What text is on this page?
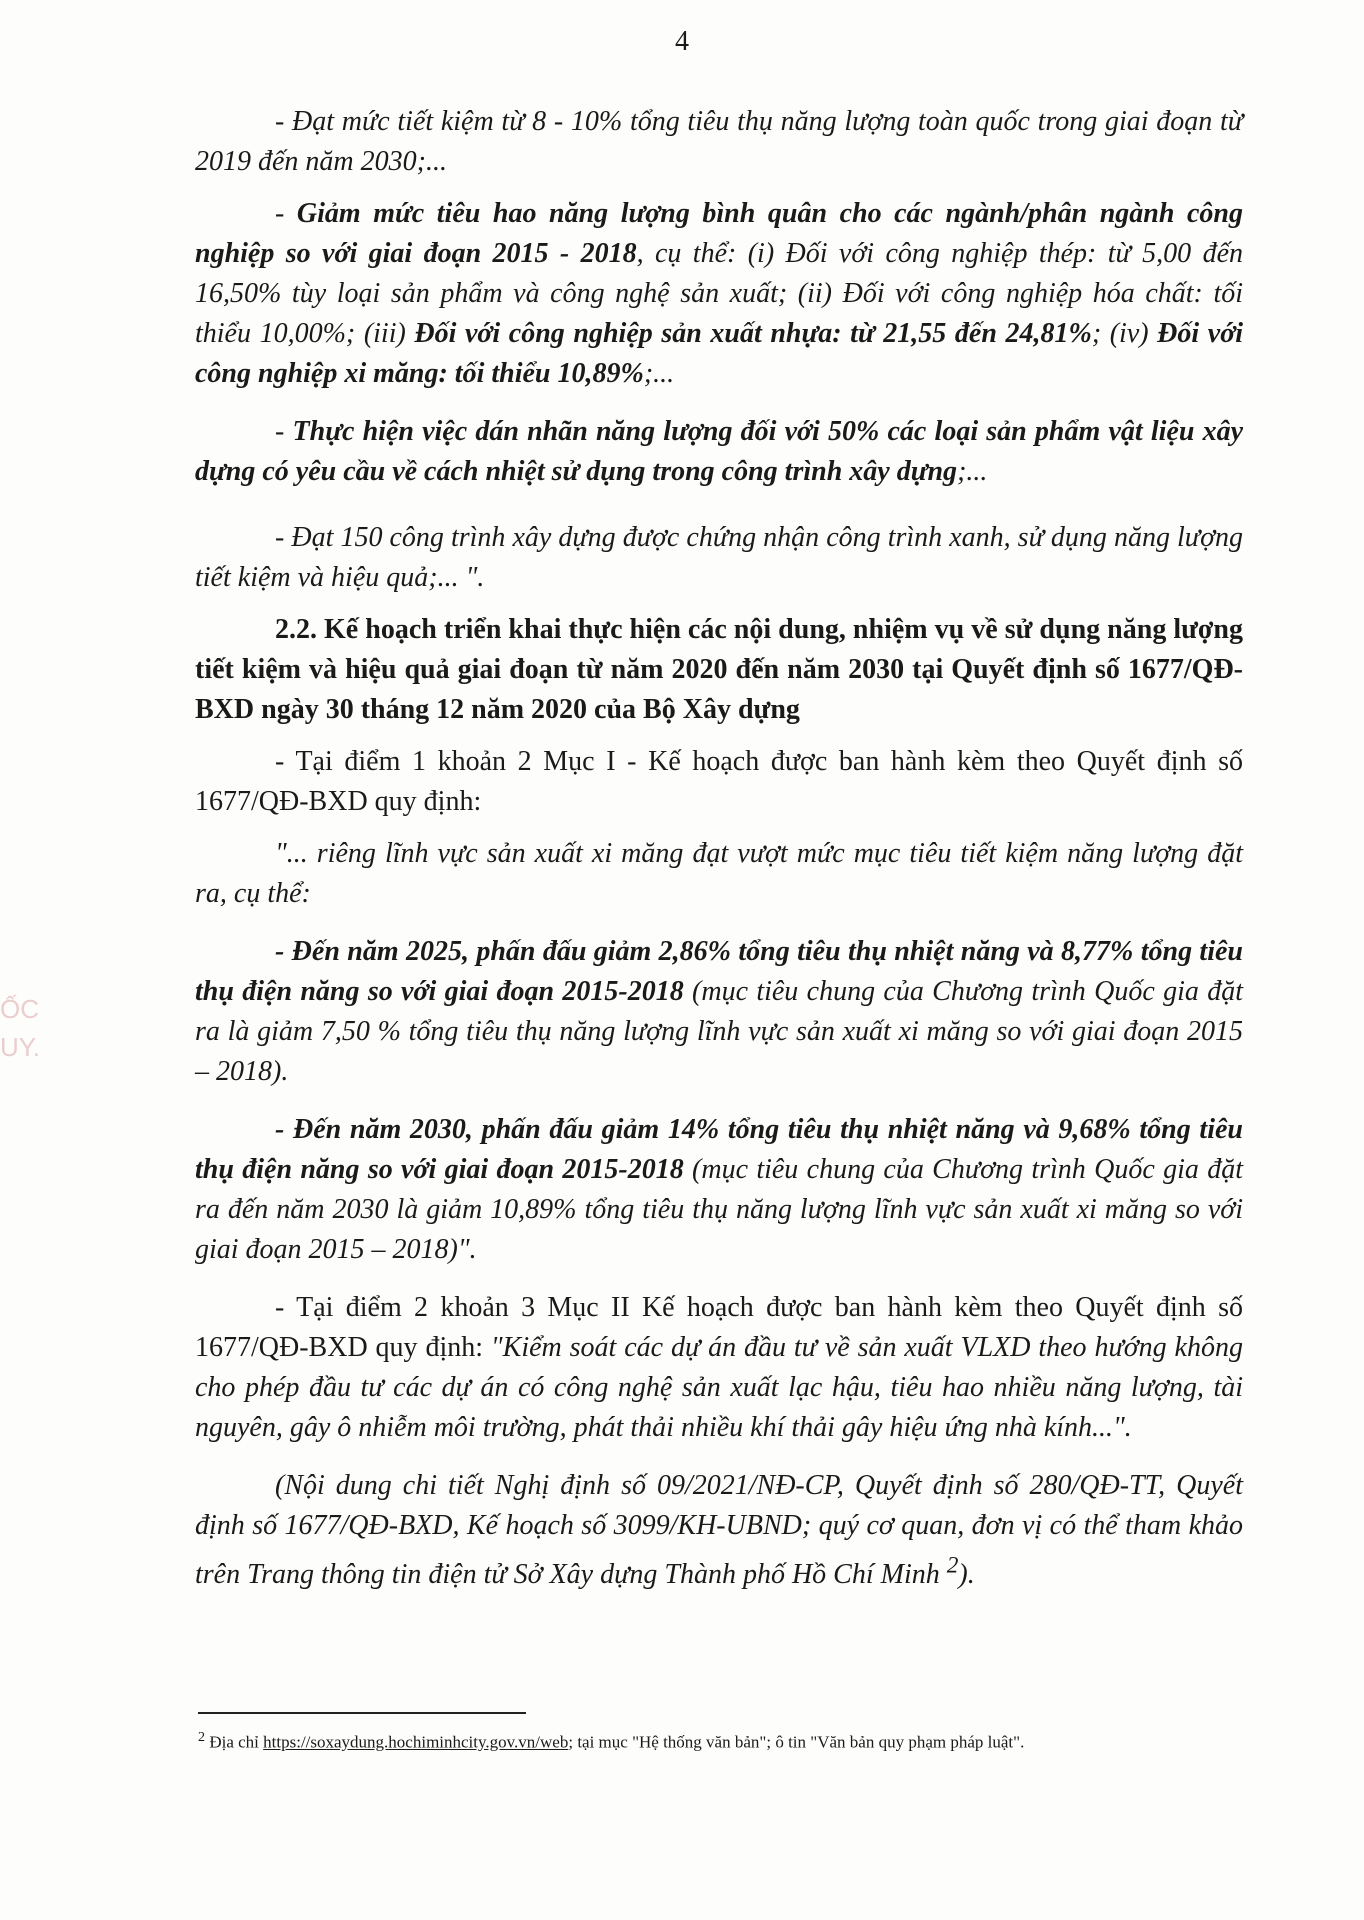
4
ỐC
UY.

- Đạt mức tiết kiệm từ 8 - 10% tổng tiêu thụ năng lượng toàn quốc trong giai đoạn từ 2019 đến năm 2030;...

- Giảm mức tiêu hao năng lượng bình quân cho các ngành/phân ngành công nghiệp so với giai đoạn 2015 - 2018, cụ thể: (i) Đối với công nghiệp thép: từ 5,00 đến 16,50% tùy loại sản phẩm và công nghệ sản xuất; (ii) Đối với công nghiệp hóa chất: tối thiểu 10,00%; (iii) Đối với công nghiệp sản xuất nhựa: từ 21,55 đến 24,81%; (iv) Đối với công nghiệp xi măng: tối thiểu 10,89%;...

- Thực hiện việc dán nhãn năng lượng đối với 50% các loại sản phẩm vật liệu xây dựng có yêu cầu về cách nhiệt sử dụng trong công trình xây dựng;...

- Đạt 150 công trình xây dựng được chứng nhận công trình xanh, sử dụng năng lượng tiết kiệm và hiệu quả;... ".

2.2. Kế hoạch triển khai thực hiện các nội dung, nhiệm vụ về sử dụng năng lượng tiết kiệm và hiệu quả giai đoạn từ năm 2020 đến năm 2030 tại Quyết định số 1677/QĐ-BXD ngày 30 tháng 12 năm 2020 của Bộ Xây dựng

- Tại điểm 1 khoản 2 Mục I - Kế hoạch được ban hành kèm theo Quyết định số 1677/QĐ-BXD quy định:

"... riêng lĩnh vực sản xuất xi măng đạt vượt mức mục tiêu tiết kiệm năng lượng đặt ra, cụ thể:

- Đến năm 2025, phấn đấu giảm 2,86% tổng tiêu thụ nhiệt năng và 8,77% tổng tiêu thụ điện năng so với giai đoạn 2015-2018 (mục tiêu chung của Chương trình Quốc gia đặt ra là giảm 7,50 % tổng tiêu thụ năng lượng lĩnh vực sản xuất xi măng so với giai đoạn 2015 – 2018).

- Đến năm 2030, phấn đấu giảm 14% tổng tiêu thụ nhiệt năng và 9,68% tổng tiêu thụ điện năng so với giai đoạn 2015-2018 (mục tiêu chung của Chương trình Quốc gia đặt ra đến năm 2030 là giảm 10,89% tổng tiêu thụ năng lượng lĩnh vực sản xuất xi măng so với giai đoạn 2015 – 2018)".

- Tại điểm 2 khoản 3 Mục II Kế hoạch được ban hành kèm theo Quyết định số 1677/QĐ-BXD quy định: "Kiểm soát các dự án đầu tư về sản xuất VLXD theo hướng không cho phép đầu tư các dự án có công nghệ sản xuất lạc hậu, tiêu hao nhiều năng lượng, tài nguyên, gây ô nhiễm môi trường, phát thải nhiều khí thải gây hiệu ứng nhà kính...".

(Nội dung chi tiết Nghị định số 09/2021/NĐ-CP, Quyết định số 280/QĐ-TT, Quyết định số 1677/QĐ-BXD, Kế hoạch số 3099/KH-UBND; quý cơ quan, đơn vị có thể tham khảo trên Trang thông tin điện tử Sở Xây dựng Thành phố Hồ Chí Minh $^2$).

$^2$ Địa chỉ https://soxaydung.hochiminhcity.gov.vn/web; tại mục "Hệ thống văn bản"; ô tin "Văn bản quy phạm pháp luật".
